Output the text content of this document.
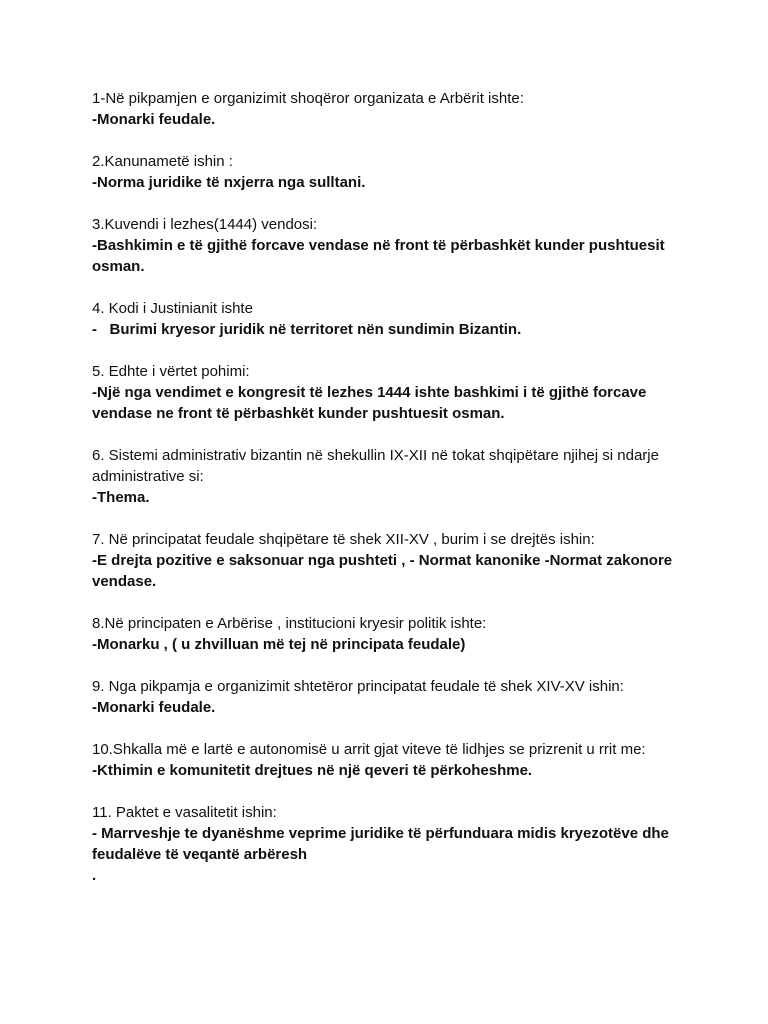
1-Në pikpamjen e organizimit shoqëror organizata e Arbërit ishte:

-Monarki feudale.

2.Kanunametë ishin :

-Norma juridike të nxjerra nga sulltani.

3.Kuvendi i lezhes(1444) vendosi:

-Bashkimin e të gjithë forcave vendase në front të përbashkët kunder pushtuesit osman.

4. Kodi i Justinianit ishte

-   Burimi kryesor juridik në territoret nën sundimin Bizantin.

5. Edhte i vërtet pohimi:

-Një nga vendimet e kongresit të lezhes 1444 ishte bashkimi i të gjithë forcave vendase ne front të përbashkët kunder pushtuesit osman.

6. Sistemi administrativ bizantin në shekullin IX-XII në tokat shqipëtare njihej si ndarje administrative si:

-Thema.

7. Në principatat feudale shqipëtare të shek XII-XV , burim i se drejtës ishin:

-E drejta pozitive e saksonuar nga pushteti , - Normat kanonike -Normat zakonore vendase.

8.Në principaten e Arbërise , institucioni kryesir politik ishte:

-Monarku , ( u zhvilluan më tej në principata feudale)

9. Nga pikpamja e organizimit shtetëror principatat feudale të shek XIV-XV ishin:

-Monarki feudale.

10.Shkalla më e lartë e autonomisë u arrit gjat viteve të lidhjes se prizrenit u rrit me:

-Kthimin e komunitetit drejtues në një qeveri të përkoheshme.

11. Paktet e vasalitetit ishin:

- Marrveshje te dyanëshme veprime juridike të përfunduara midis kryezotëve dhe feudalëve të veqantë arbëresh

.
